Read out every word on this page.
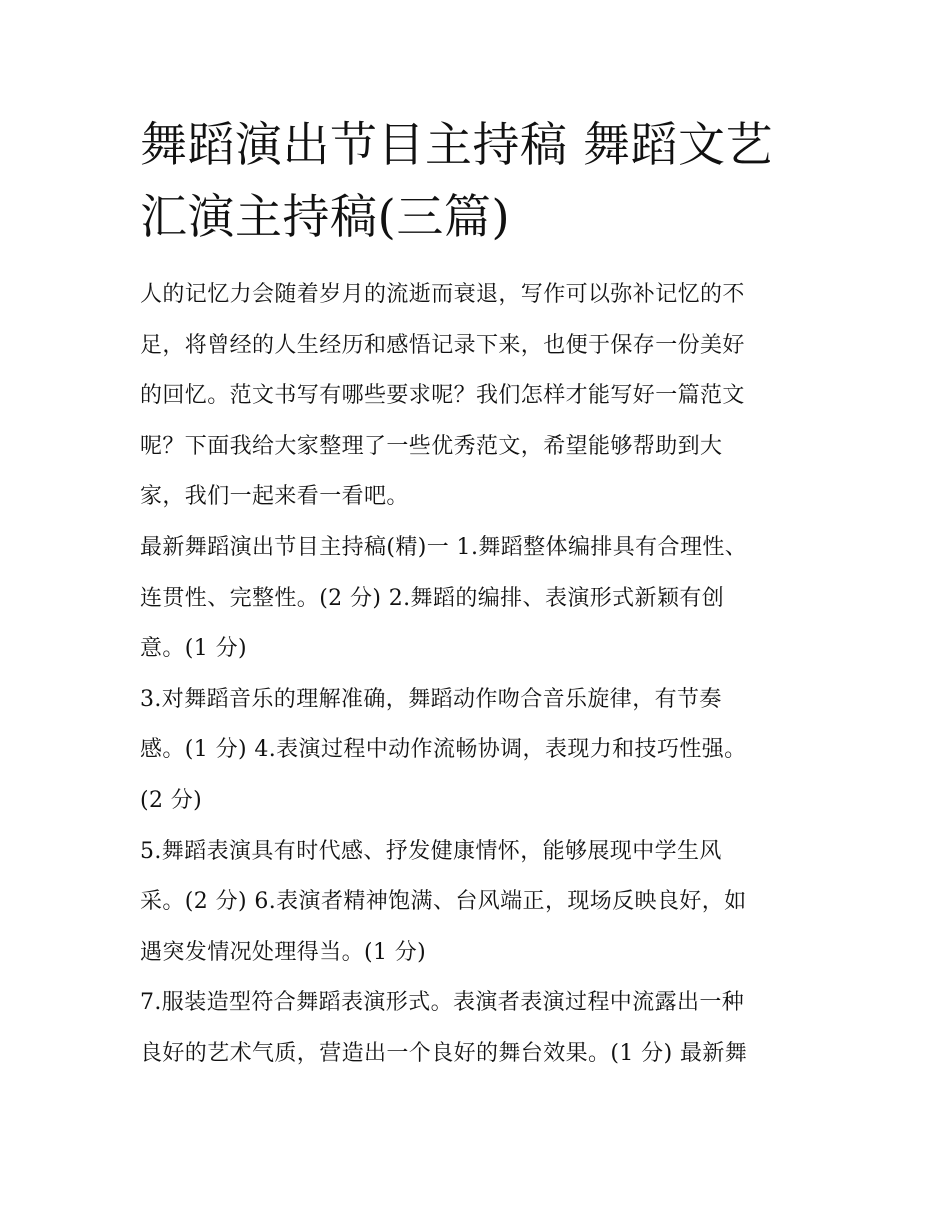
舞蹈演出节目主持稿 舞蹈文艺
汇演主持稿(三篇)

人的记忆力会随着岁月的流逝而衰退，写作可以弥补记忆的不
足，将曾经的人生经历和感悟记录下来，也便于保存一份美好
的回忆。范文书写有哪些要求呢？我们怎样才能写好一篇范文
呢？下面我给大家整理了一些优秀范文，希望能够帮助到大
家，我们一起来看一看吧。

最新舞蹈演出节目主持稿(精)一 1.舞蹈整体编排具有合理性、
连贯性、完整性。(2 分) 2.舞蹈的编排、表演形式新颖有创
意。(1 分)

3.对舞蹈音乐的理解准确，舞蹈动作吻合音乐旋律，有节奏
感。(1 分) 4.表演过程中动作流畅协调，表现力和技巧性强。
(2 分)

5.舞蹈表演具有时代感、抒发健康情怀，能够展现中学生风
采。(2 分) 6.表演者精神饱满、台风端正，现场反映良好，如
遇突发情况处理得当。(1 分)

7.服装造型符合舞蹈表演形式。表演者表演过程中流露出一种
良好的艺术气质，营造出一个良好的舞台效果。(1 分) 最新舞
